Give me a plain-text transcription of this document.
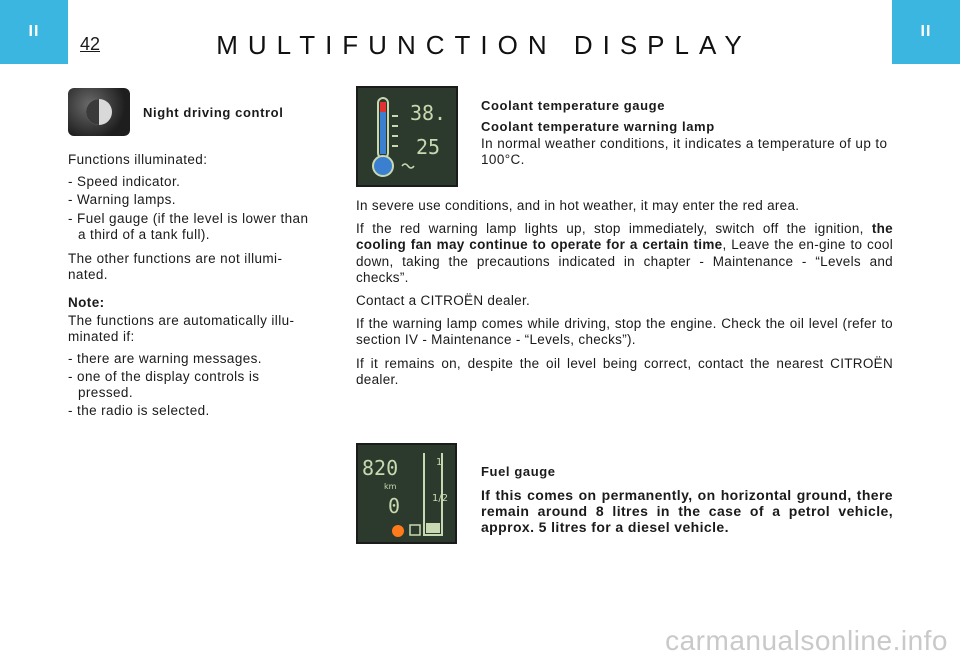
II	II
42	MULTIFUNCTION DISPLAY
Night driving control

Functions illuminated:

- Speed indicator.
- Warning lamps.
- Fuel gauge (if the level is lower than a third of a tank full).

The other functions are not illumi-nated.

Note:

The functions are automatically illu-minated if:

- there are warning messages.
- one of the display controls is pressed.
- the radio is selected.
38.
25
Coolant temperature gauge
Coolant temperature warning lamp
In normal weather conditions, it indicates a temperature of up to 100°C.

In severe use conditions, and in hot weather, it may enter the red area.

If the red warning lamp lights up, stop immediately, switch off the ignition, the cooling fan may continue to operate for a certain time, Leave the en-gine to cool down, taking the precautions indicated in chapter - Maintenance - “Levels and checks”.

Contact a CITROËN dealer.

If the warning lamp comes while driving, stop the engine. Check the oil level (refer to section IV - Maintenance - “Levels, checks”).

If it remains on, despite the oil level being correct, contact the nearest CITROËN dealer.

820
km
0
1
1/2
Fuel gauge
If this comes on permanently, on horizontal ground, there remain around 8 litres in the case of a petrol vehicle, approx. 5 litres for a diesel vehicle.
carmanualsonline.info
